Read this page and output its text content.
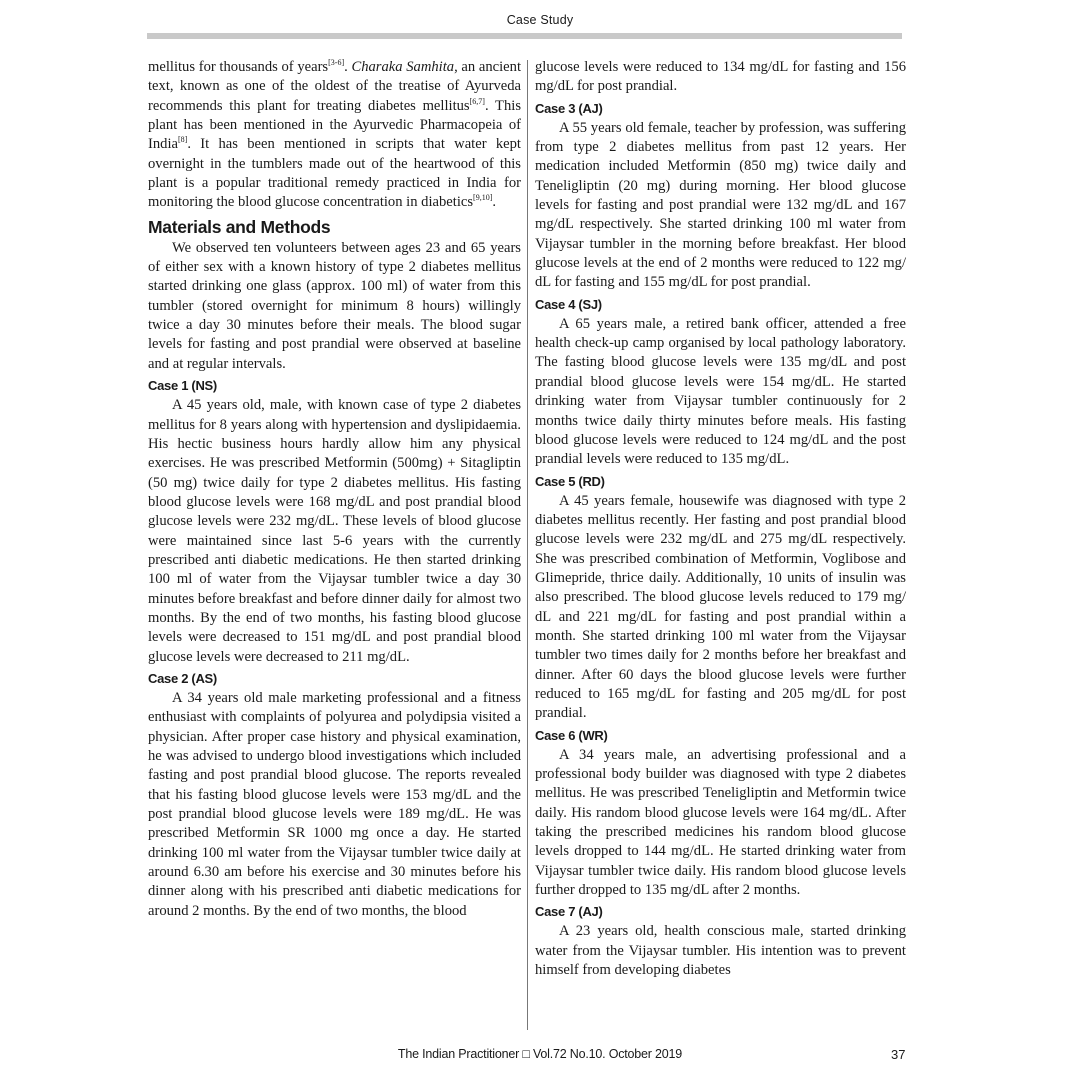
Case Study

mellitus for thousands of years[3-6]. Charaka Samhita, an ancient text, known as one of the oldest of the treatise of Ayurveda recommends this plant for treating diabetes mellitus[6,7]. This plant has been mentioned in the Ayurvedic Pharmacopeia of India[8]. It has been mentioned in scripts that water kept overnight in the tumblers made out of the heartwood of this plant is a popular traditional remedy practiced in India for monitoring the blood glucose concentration in diabetics[9,10].

Materials and Methods

We observed ten volunteers between ages 23 and 65 years of either sex with a known history of type 2 diabetes mellitus started drinking one glass (approx. 100 ml) of water from this tumbler (stored overnight for minimum 8 hours) willingly twice a day 30 minutes before their meals. The blood sugar levels for fasting and post prandial were observed at baseline and at regular intervals.

Case 1 (NS)

A 45 years old, male, with known case of type 2 diabetes mellitus for 8 years along with hypertension and dyslipidaemia. His hectic business hours hardly allow him any physical exercises. He was prescribed Metformin (500mg) + Sitagliptin (50 mg) twice daily for type 2 diabetes mellitus. His fasting blood glucose levels were 168 mg/dL and post prandial blood glucose levels were 232 mg/dL. These levels of blood glucose were maintained since last 5-6 years with the currently prescribed anti diabetic medications. He then started drinking 100 ml of water from the Vijaysar tumbler twice a day 30 minutes before breakfast and before dinner daily for almost two months. By the end of two months, his fasting blood glucose levels were decreased to 151 mg/dL and post prandial blood glucose levels were decreased to 211 mg/dL.

Case 2 (AS)

A 34 years old male marketing professional and a fitness enthusiast with complaints of polyurea and polydipsia visited a physician. After proper case history and physical examination, he was advised to undergo blood investigations which included fasting and post prandial blood glucose. The reports revealed that his fasting blood glucose levels were 153 mg/dL and the post prandial blood glucose levels were 189 mg/dL. He was prescribed Metformin SR 1000 mg once a day. He started drinking 100 ml water from the Vijaysar tumbler twice daily at around 6.30 am before his exercise and 30 minutes before his dinner along with his prescribed anti diabetic medications for around 2 months. By the end of two months, the blood

glucose levels were reduced to 134 mg/dL for fasting and 156 mg/dL for post prandial.

Case 3 (AJ)

A 55 years old female, teacher by profession, was suffering from type 2 diabetes mellitus from past 12 years. Her medication included Metformin (850 mg) twice daily and Teneligliptin (20 mg) during morning. Her blood glucose levels for fasting and post prandial were 132 mg/dL and 167 mg/dL respectively. She started drinking 100 ml water from Vijaysar tumbler in the morning before breakfast. Her blood glucose levels at the end of 2 months were reduced to 122 mg/​dL for fasting and 155 mg/dL for post prandial.

Case 4 (SJ)

A 65 years male, a retired bank officer, attended a free health check-up camp organised by local pathology laboratory. The fasting blood glucose levels were 135 mg/dL and post prandial blood glucose levels were 154 mg/dL. He started drinking water from Vijaysar tumbler continuously for 2 months twice daily thirty minutes before meals. His fasting blood glucose levels were reduced to 124 mg/dL and the post prandial levels were reduced to 135 mg/dL.

Case 5 (RD)

A 45 years female, housewife was diagnosed with type 2 diabetes mellitus recently. Her fasting and post prandial blood glucose levels were 232 mg/dL and 275 mg/dL respectively. She was prescribed combination of Metformin, Voglibose and Glimepride, thrice daily. Additionally, 10 units of insulin was also prescribed. The blood glucose levels reduced to 179 mg/​dL and 221 mg/dL for fasting and post prandial within a month. She started drinking 100 ml water from the Vijaysar tumbler two times daily for 2 months before her breakfast and dinner. After 60 days the blood glucose levels were further reduced to 165 mg/dL for fasting and 205 mg/dL for post prandial.

Case 6 (WR)

A 34 years male, an advertising professional and a professional body builder was diagnosed with type 2 diabetes mellitus. He was prescribed Teneligliptin and Metformin twice daily. His random blood glucose levels were 164 mg/dL. After taking the prescribed medicines his random blood glucose levels dropped to 144 mg/dL. He started drinking water from Vijaysar tumbler twice daily. His random blood glucose levels further dropped to 135 mg/dL after 2 months.

Case 7 (AJ)

A 23 years old, health conscious male, started drinking water from the Vijaysar tumbler. His intention was to prevent himself from developing diabetes

The Indian Practitioner □ Vol.72 No.10. October 2019	37
